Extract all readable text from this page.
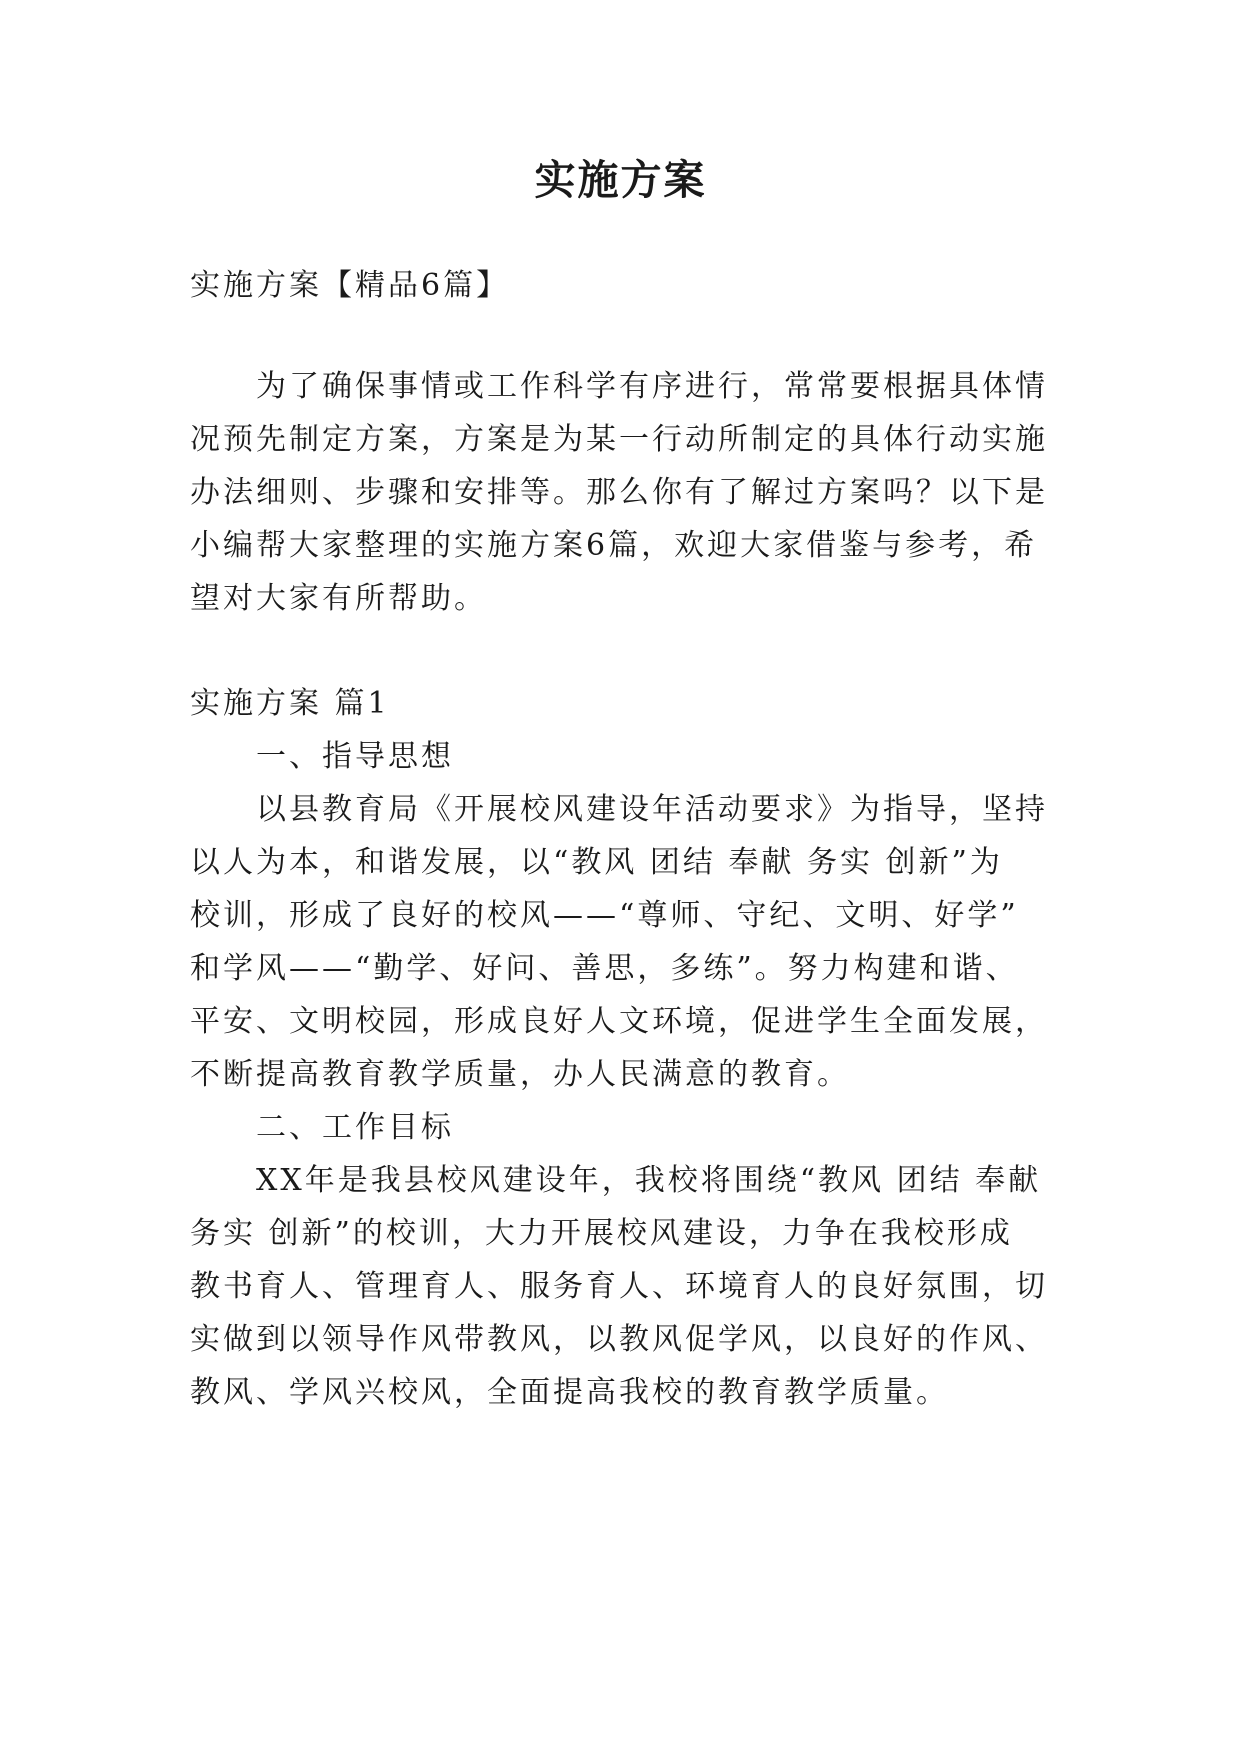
实施方案
实施方案【精品6篇】
为了确保事情或工作科学有序进行，常常要根据具体情
况预先制定方案，方案是为某一行动所制定的具体行动实施
办法细则、步骤和安排等。那么你有了解过方案吗？以下是
小编帮大家整理的实施方案6篇，欢迎大家借鉴与参考，希
望对大家有所帮助。
实施方案 篇1
一、指导思想
以县教育局《开展校风建设年活动要求》为指导，坚持
以人为本，和谐发展，以“教风 团结 奉献 务实 创新”为
校训，形成了良好的校风——“尊师、守纪、文明、好学”
和学风——“勤学、好问、善思，多练”。努力构建和谐、
平安、文明校园，形成良好人文环境，促进学生全面发展，
不断提高教育教学质量，办人民满意的教育。
二、工作目标
XX年是我县校风建设年，我校将围绕“教风 团结 奉献
务实 创新”的校训，大力开展校风建设，力争在我校形成
教书育人、管理育人、服务育人、环境育人的良好氛围，切
实做到以领导作风带教风，以教风促学风，以良好的作风、
教风、学风兴校风，全面提高我校的教育教学质量。
